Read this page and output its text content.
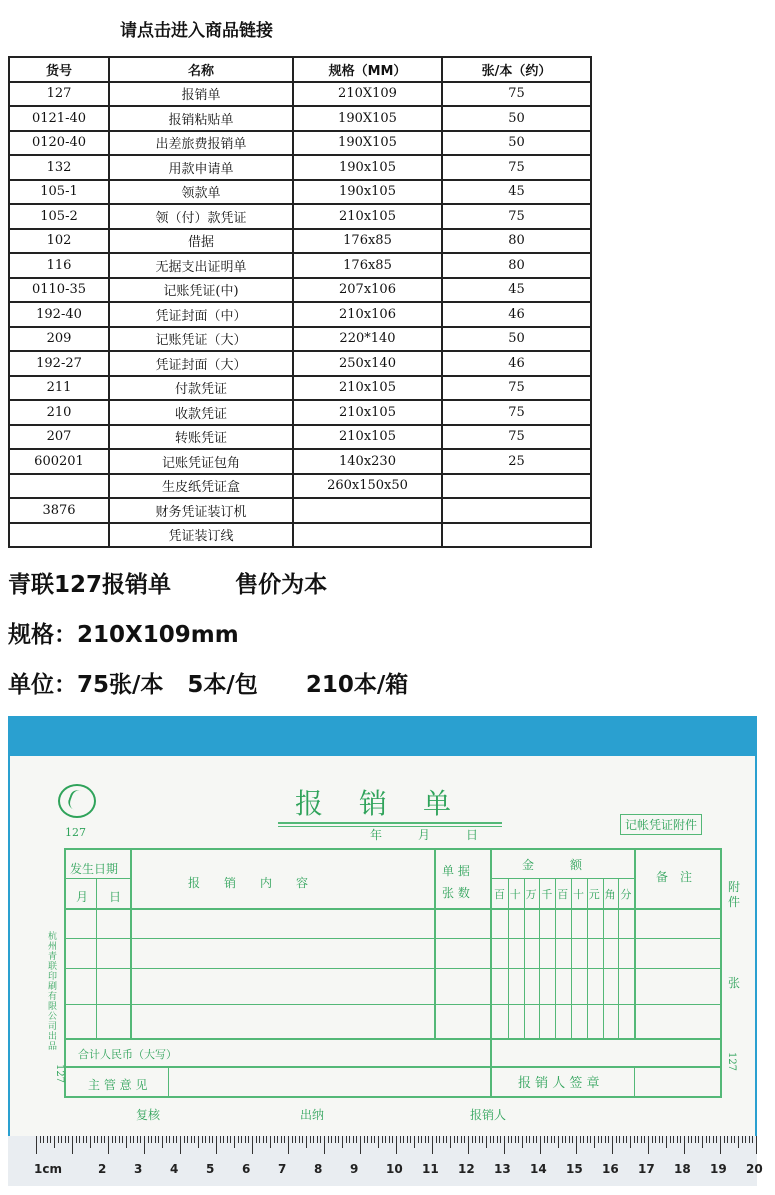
请点击进入商品链接
货号	名称	规格（MM）	张/本（约）
127	报销单	210X109	75
0121-40	报销粘贴单	190X105	50
0120-40	出差旅费报销单	190X105	50
132	用款申请单	190x105	75
105-1	领款单	190x105	45
105-2	领（付）款凭证	210x105	75
102	借据	176x85	80
116	无据支出证明单	176x85	80
0110-35	记账凭证(中)	207x106	45
192-40	凭证封面（中）	210x106	46
209	记账凭证（大）	220*140	50
192-27	凭证封面（大）	250x140	46
211	付款凭证	210x105	75
210	收款凭证	210x105	75
207	转账凭证	210x105	75
600201	记账凭证包角	140x230	25
	生皮纸凭证盒	260x150x50	
3876	财务凭证装订机		
	凭证装订线		
青联127报销单        售价为本
规格：210X109mm
单位：75张/本   5本/包      210本/箱
127
报　销　单
年　　　月　　　日
记帐凭证附件
百 十 万 千 百 十 元 角 分
发生日期
月 日
报　　销　　内　　容
单 据
张 数
金　　　额
备　注
合计人民币（大写）
主 管 意 见	报 销 人 签 章
复核	出纳	报销人
附
件
张
杭州青联印刷有限公司出品
127
127
1cm	2 3 4 5 6 7 8 9 10 11 12 13 14 15 16 17 18 19 20
